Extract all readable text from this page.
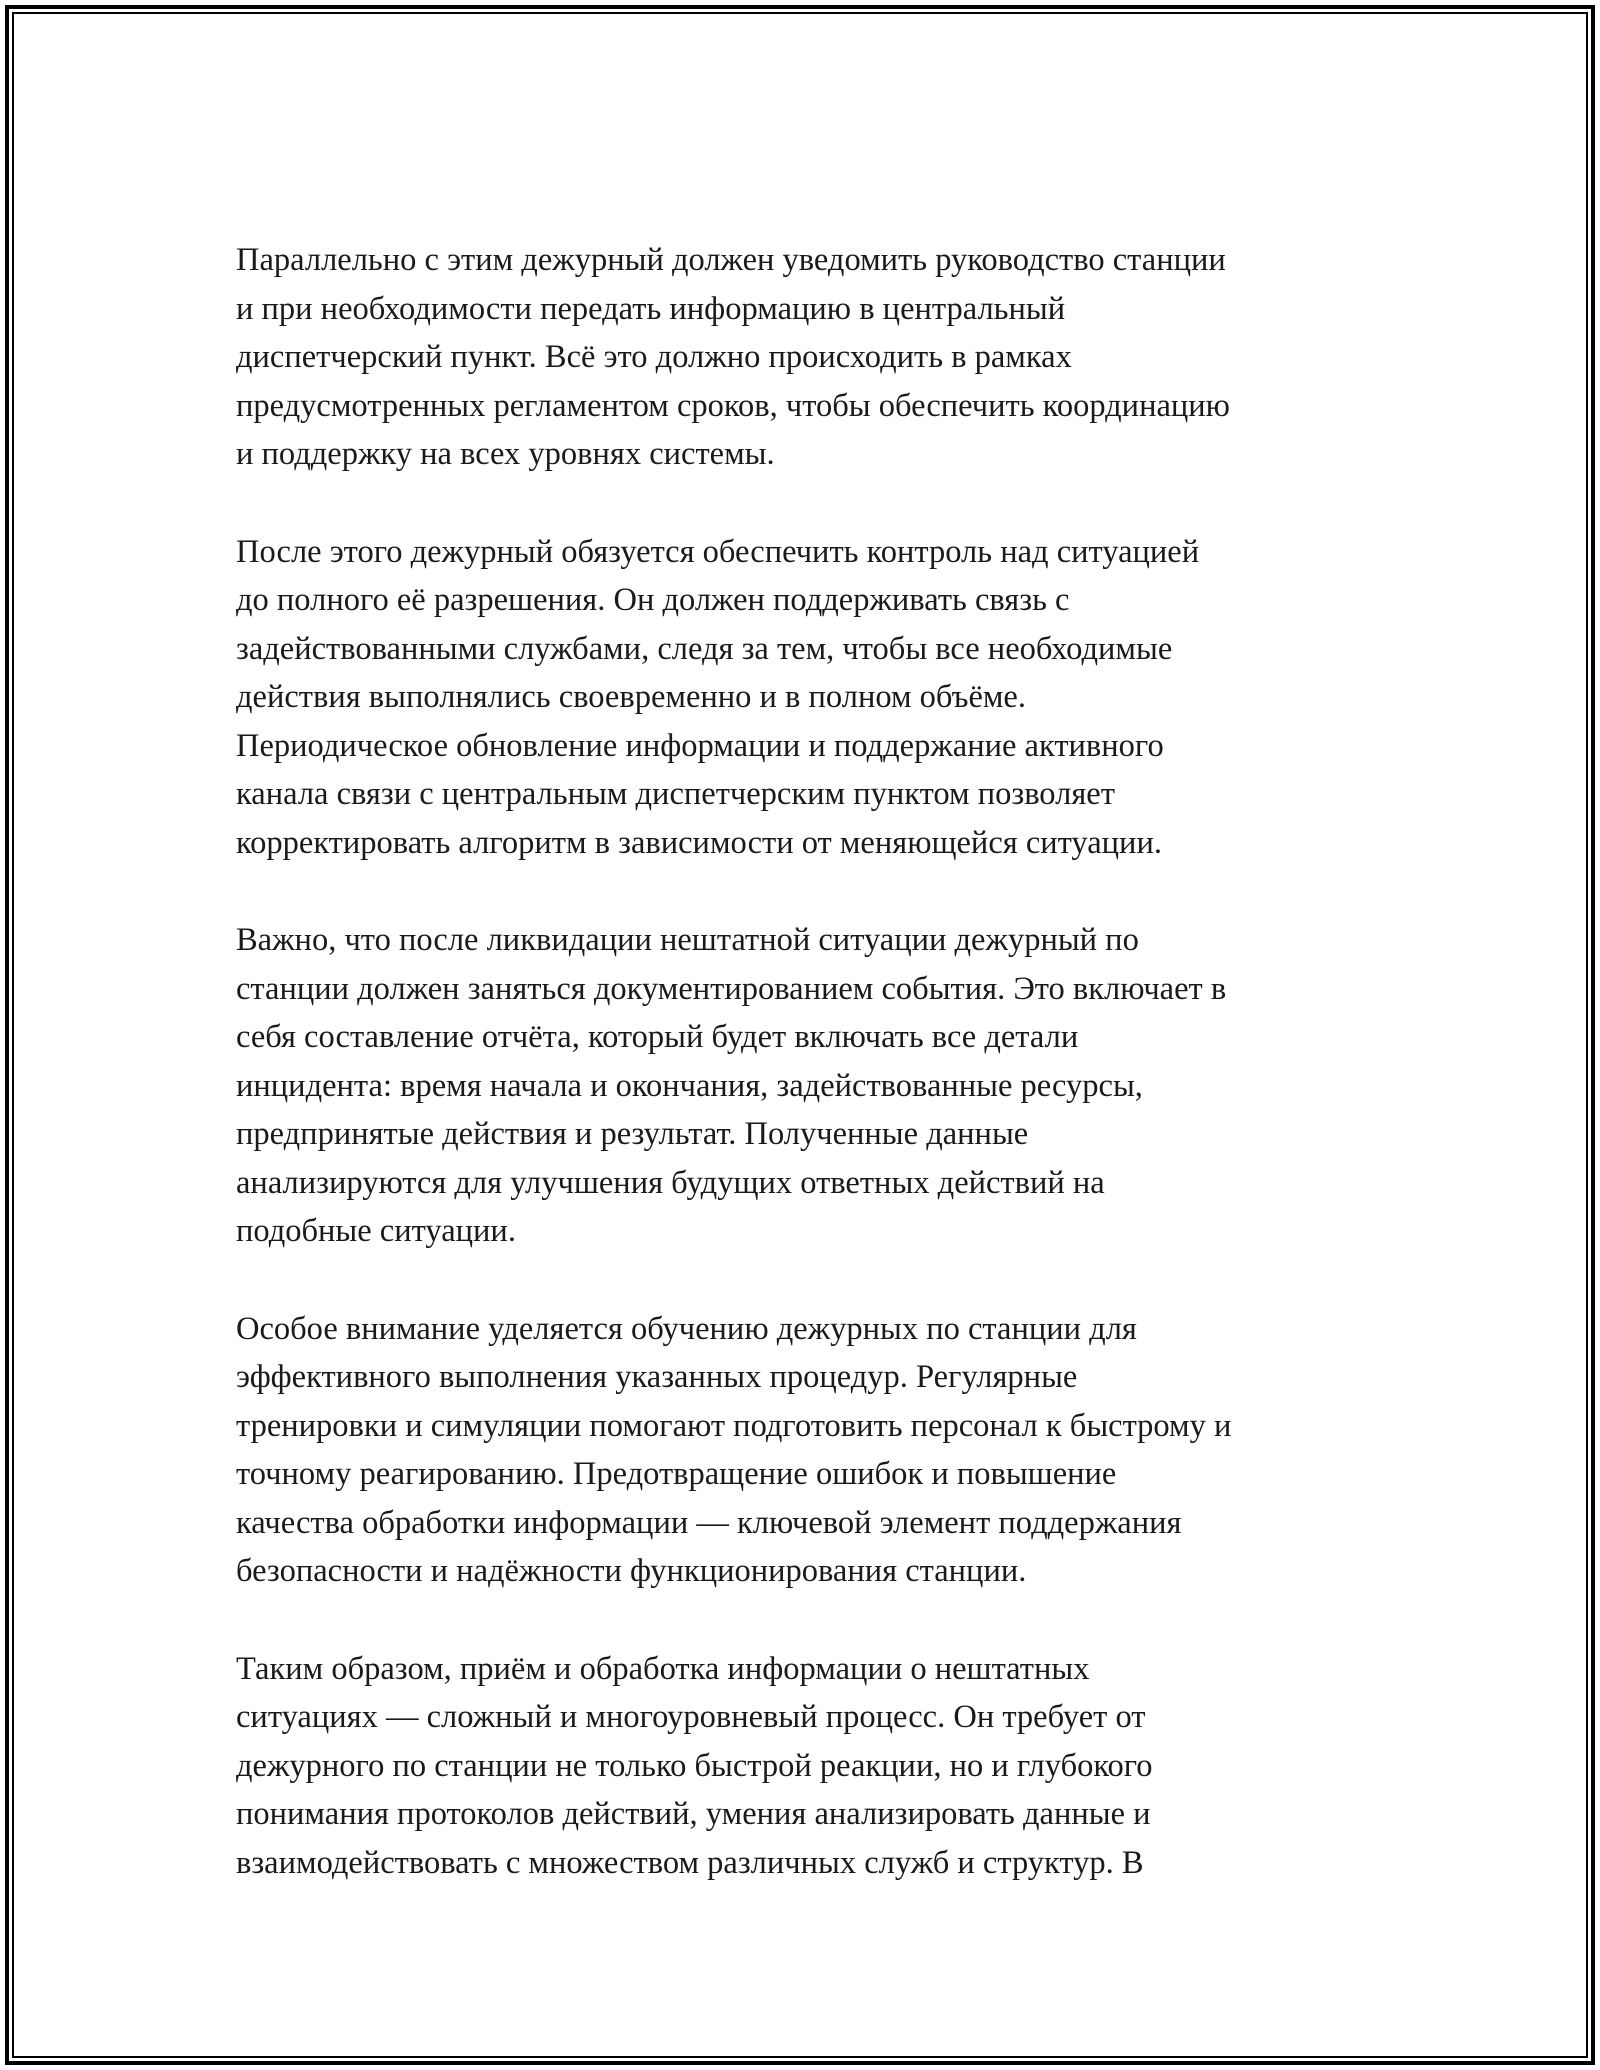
Параллельно с этим дежурный должен уведомить руководство станции
и при необходимости передать информацию в центральный
диспетчерский пункт. Всё это должно происходить в рамках
предусмотренных регламентом сроков, чтобы обеспечить координацию
и поддержку на всех уровнях системы.

После этого дежурный обязуется обеспечить контроль над ситуацией
до полного её разрешения. Он должен поддерживать связь с
задействованными службами, следя за тем, чтобы все необходимые
действия выполнялись своевременно и в полном объёме.
Периодическое обновление информации и поддержание активного
канала связи с центральным диспетчерским пунктом позволяет
корректировать алгоритм в зависимости от меняющейся ситуации.

Важно, что после ликвидации нештатной ситуации дежурный по
станции должен заняться документированием события. Это включает в
себя составление отчёта, который будет включать все детали
инцидента: время начала и окончания, задействованные ресурсы,
предпринятые действия и результат. Полученные данные
анализируются для улучшения будущих ответных действий на
подобные ситуации.

Особое внимание уделяется обучению дежурных по станции для
эффективного выполнения указанных процедур. Регулярные
тренировки и симуляции помогают подготовить персонал к быстрому и
точному реагированию. Предотвращение ошибок и повышение
качества обработки информации — ключевой элемент поддержания
безопасности и надёжности функционирования станции.

Таким образом, приём и обработка информации о нештатных
ситуациях — сложный и многоуровневый процесс. Он требует от
дежурного по станции не только быстрой реакции, но и глубокого
понимания протоколов действий, умения анализировать данные и
взаимодействовать с множеством различных служб и структур. В
